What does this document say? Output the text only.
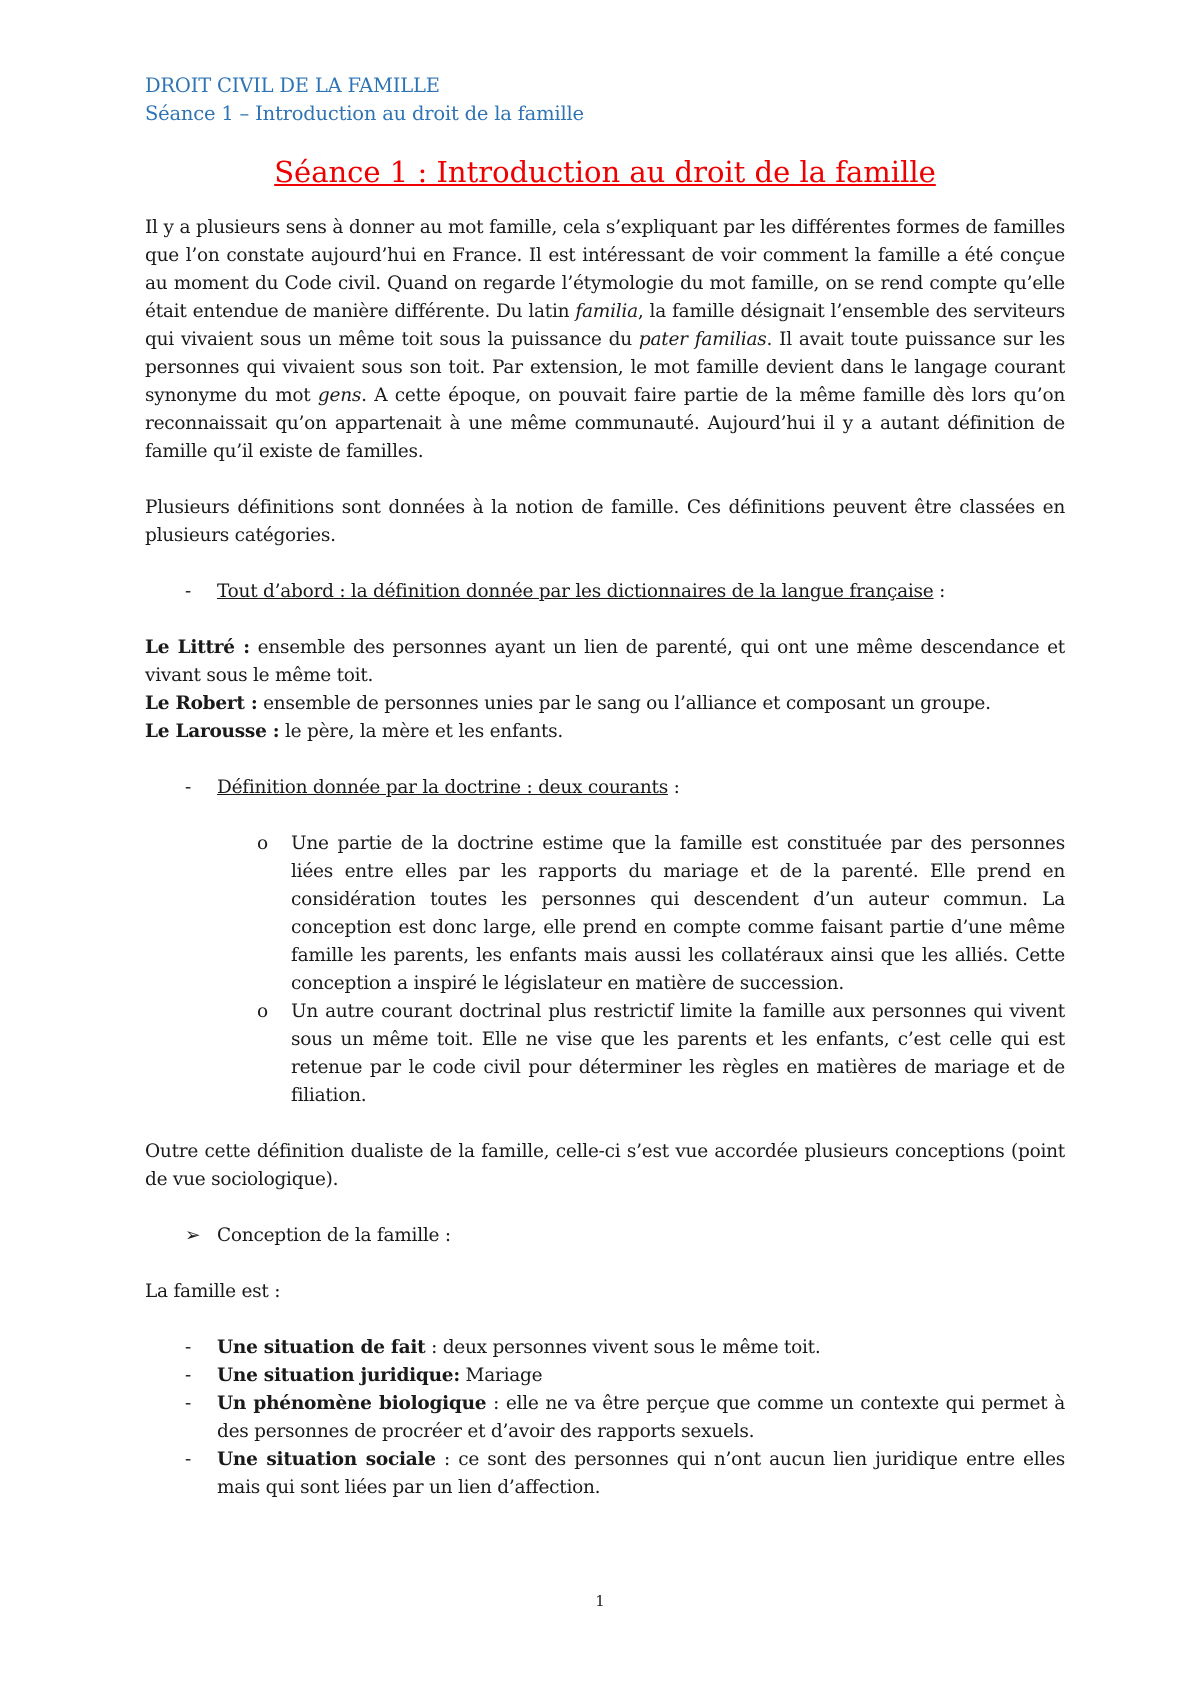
DROIT CIVIL DE LA FAMILLE
Séance 1 – Introduction au droit de la famille
Séance 1 : Introduction au droit de la famille

Il y a plusieurs sens à donner au mot famille, cela s’expliquant par les différentes formes de familles que l’on constate aujourd’hui en France. Il est intéressant de voir comment la famille a été conçue au moment du Code civil. Quand on regarde l’étymologie du mot famille, on se rend compte qu’elle était entendue de manière différente. Du latin familia, la famille désignait l’ensemble des serviteurs qui vivaient sous un même toit sous la puissance du pater familias. Il avait toute puissance sur les personnes qui vivaient sous son toit. Par extension, le mot famille devient dans le langage courant synonyme du mot gens. A cette époque, on pouvait faire partie de la même famille dès lors qu’on reconnaissait qu’on appartenait à une même communauté. Aujourd’hui il y a autant définition de famille qu’il existe de familles.

Plusieurs définitions sont données à la notion de famille. Ces définitions peuvent être classées en plusieurs catégories.

-	Tout d’abord : la définition donnée par les dictionnaires de la langue française :

Le Littré : ensemble des personnes ayant un lien de parenté, qui ont une même descendance et vivant sous le même toit.

Le Robert : ensemble de personnes unies par le sang ou l’alliance et composant un groupe.

Le Larousse : le père, la mère et les enfants.

-	Définition donnée par la doctrine : deux courants :
o	Une partie de la doctrine estime que la famille est constituée par des personnes liées entre elles par les rapports du mariage et de la parenté. Elle prend en considération toutes les personnes qui descendent d’un auteur commun. La conception est donc large, elle prend en compte comme faisant partie d’une même famille les parents, les enfants mais aussi les collatéraux ainsi que les alliés. Cette conception a inspiré le législateur en matière de succession.
o	Un autre courant doctrinal plus restrictif limite la famille aux personnes qui vivent sous un même toit. Elle ne vise que les parents et les enfants, c’est celle qui est retenue par le code civil pour déterminer les règles en matières de mariage et de filiation.

Outre cette définition dualiste de la famille, celle-ci s’est vue accordée plusieurs conceptions (point de vue sociologique).

➢ Conception de la famille :

La famille est :

-	Une situation de fait : deux personnes vivent sous le même toit.
-	Une situation juridique: Mariage
-	Un phénomène biologique : elle ne va être perçue que comme un contexte qui permet à des personnes de procréer et d’avoir des rapports sexuels.
-	Une situation sociale : ce sont des personnes qui n’ont aucun lien juridique entre elles mais qui sont liées par un lien d’affection.
1
